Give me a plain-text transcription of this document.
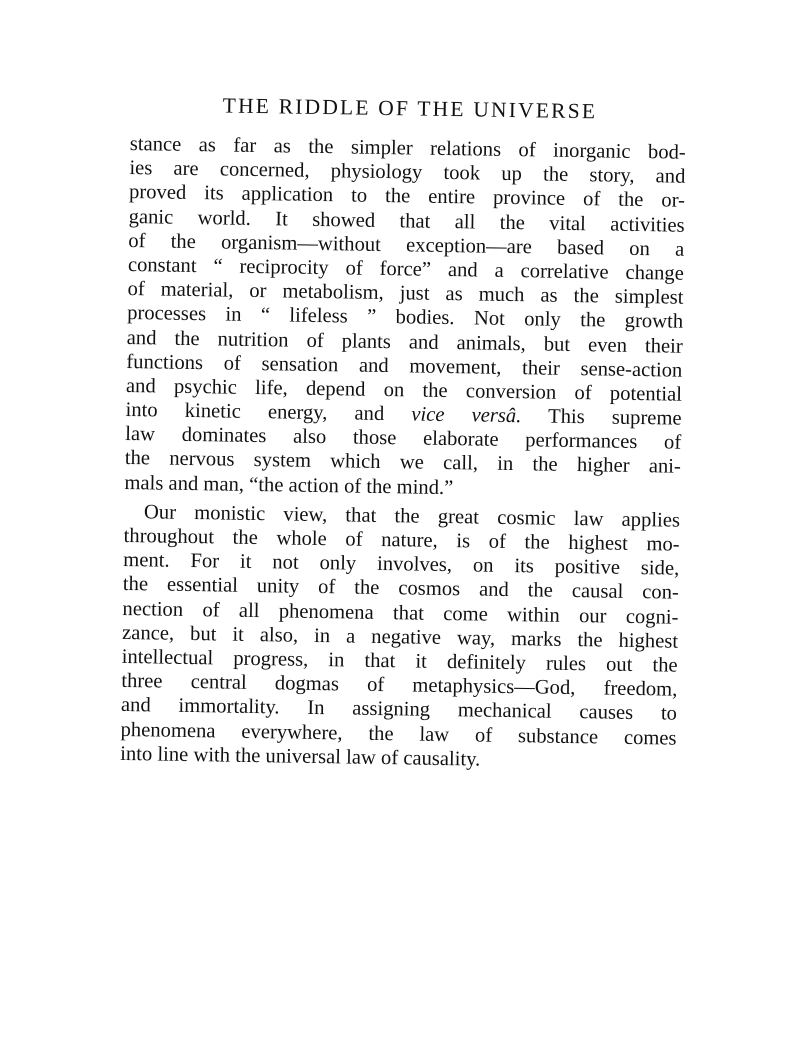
THE RIDDLE OF THE UNIVERSE
stance as far as the simpler relations of inorganic bod-
ies are concerned, physiology took up the story, and
proved its application to the entire province of the or-
ganic world. It showed that all the vital activities
of the organism—without exception—are based on a
constant “ reciprocity of force” and a correlative change
of material, or metabolism, just as much as the simplest
processes in “ lifeless ” bodies. Not only the growth
and the nutrition of plants and animals, but even their
functions of sensation and movement, their sense-action
and psychic life, depend on the conversion of potential
into kinetic energy, and vice versâ. This supreme
law dominates also those elaborate performances of
the nervous system which we call, in the higher ani-
mals and man, “the action of the mind.”
Our monistic view, that the great cosmic law applies
throughout the whole of nature, is of the highest mo-
ment. For it not only involves, on its positive side,
the essential unity of the cosmos and the causal con-
nection of all phenomena that come within our cogni-
zance, but it also, in a negative way, marks the highest
intellectual progress, in that it definitely rules out the
three central dogmas of metaphysics—God, freedom,
and immortality. In assigning mechanical causes to
phenomena everywhere, the law of substance comes
into line with the universal law of causality.
